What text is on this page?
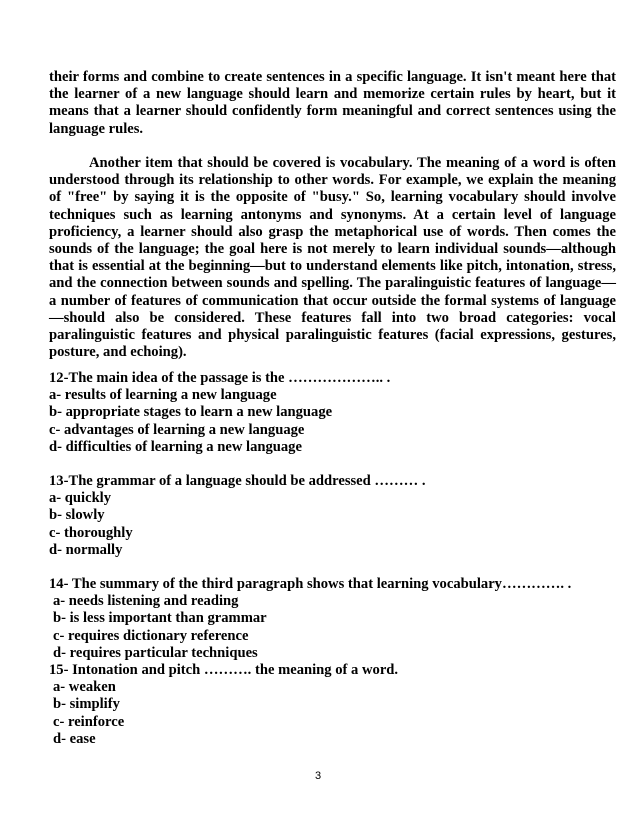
their forms and combine to create sentences in a specific language. It isn't meant here that the learner of a new language should learn and memorize certain rules by heart, but it means that a learner should confidently form meaningful and correct sentences using the language rules.

Another item that should be covered is vocabulary. The meaning of a word is often understood through its relationship to other words. For example, we explain the meaning of "free" by saying it is the opposite of "busy." So, learning vocabulary should involve techniques such as learning antonyms and synonyms. At a certain level of language proficiency, a learner should also grasp the metaphorical use of words. Then comes the sounds of the language; the goal here is not merely to learn individual sounds—although that is essential at the beginning—but to understand elements like pitch, intonation, stress, and the connection between sounds and spelling. The paralinguistic features of language—a number of features of communication that occur outside the formal systems of language—should also be considered. These features fall into two broad categories: vocal paralinguistic features and physical paralinguistic features (facial expressions, gestures, posture, and echoing).

12-The main idea of the passage is the ……………….. .
a- results of learning a new language
b- appropriate stages to learn a new language
c- advantages of learning a new language
d- difficulties of learning a new language
13-The grammar of a language should be addressed ……… .
a- quickly
b- slowly
c- thoroughly
d- normally
14- The summary of the third paragraph shows that learning vocabulary…………. .
a- needs listening and reading
b- is less important than grammar
c- requires dictionary reference
d- requires particular techniques
15- Intonation and pitch ………. the meaning of a word.
a- weaken
b- simplify
c- reinforce
d- ease
3
